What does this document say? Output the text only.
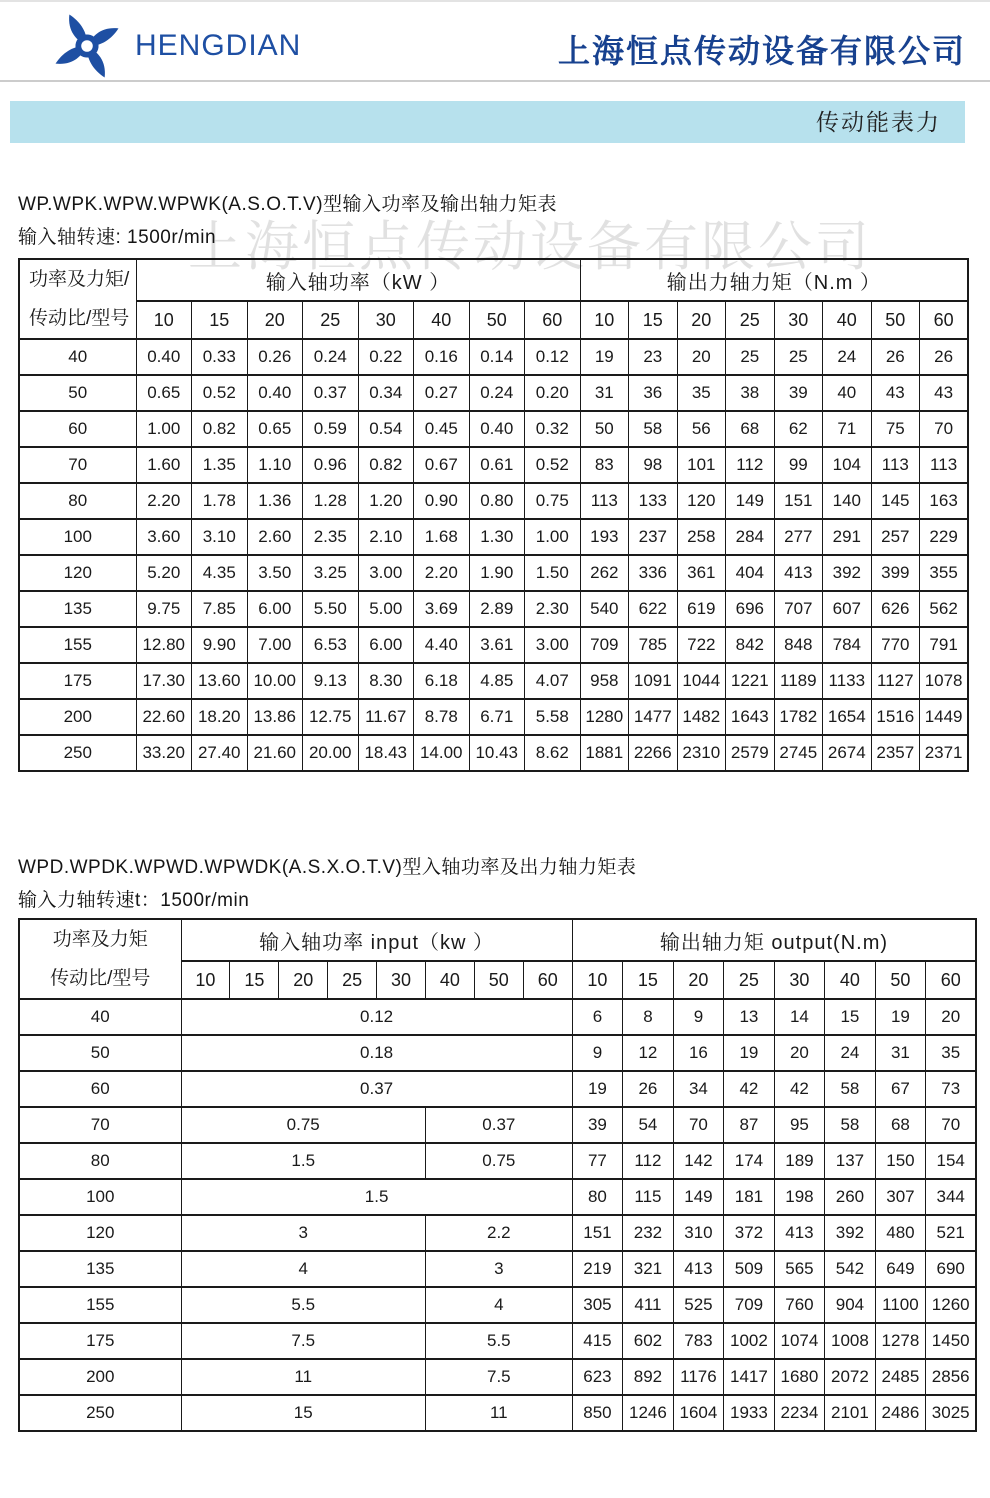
HENGDIAN	上海恒点传动设备有限公司
传动能表力
上海恒点传动设备有限公司
WP.WPK.WPW.WPWK(A.S.O.T.V)型输入功率及输出轴力矩表
输入轴转速: 1500r/min
功率及力矩/
传动比/型号	输入轴功率（kW ）								输出力轴力矩（N.m ）							
	10	15	20	25	30	40	50	60	10	15	20	25	30	40	50	60
40	0.40	0.33	0.26	0.24	0.22	0.16	0.14	0.12	19	23	20	25	25	24	26	26
50	0.65	0.52	0.40	0.37	0.34	0.27	0.24	0.20	31	36	35	38	39	40	43	43
60	1.00	0.82	0.65	0.59	0.54	0.45	0.40	0.32	50	58	56	68	62	71	75	70
70	1.60	1.35	1.10	0.96	0.82	0.67	0.61	0.52	83	98	101	112	99	104	113	113
80	2.20	1.78	1.36	1.28	1.20	0.90	0.80	0.75	113	133	120	149	151	140	145	163
100	3.60	3.10	2.60	2.35	2.10	1.68	1.30	1.00	193	237	258	284	277	291	257	229
120	5.20	4.35	3.50	3.25	3.00	2.20	1.90	1.50	262	336	361	404	413	392	399	355
135	9.75	7.85	6.00	5.50	5.00	3.69	2.89	2.30	540	622	619	696	707	607	626	562
155	12.80	9.90	7.00	6.53	6.00	4.40	3.61	3.00	709	785	722	842	848	784	770	791
175	17.30	13.60	10.00	9.13	8.30	6.18	4.85	4.07	958	1091	1044	1221	1189	1133	1127	1078
200	22.60	18.20	13.86	12.75	11.67	8.78	6.71	5.58	1280	1477	1482	1643	1782	1654	1516	1449
250	33.20	27.40	21.60	20.00	18.43	14.00	10.43	8.62	1881	2266	2310	2579	2745	2674	2357	2371
WPD.WPDK.WPWD.WPWDK(A.S.X.O.T.V)型入轴功率及出力轴力矩表
输入力轴转速t：1500r/min
功率及力矩
传动比/型号	输入轴功率 input（kw ）								输出轴力矩 output(N.m)							
	10	15	20	25	30	40	50	60	10	15	20	25	30	40	50	60
40	0.12								6	8	9	13	14	15	19	20
50	0.18								9	12	16	19	20	24	31	35
60	0.37								19	26	34	42	42	58	67	73
70	0.75					0.37			39	54	70	87	95	58	68	70
80	1.5					0.75			77	112	142	174	189	137	150	154
100	1.5								80	115	149	181	198	260	307	344
120	3					2.2			151	232	310	372	413	392	480	521
135	4					3			219	321	413	509	565	542	649	690
155	5.5					4			305	411	525	709	760	904	1100	1260
175	7.5					5.5			415	602	783	1002	1074	1008	1278	1450
200	11					7.5			623	892	1176	1417	1680	2072	2485	2856
250	15					11			850	1246	1604	1933	2234	2101	2486	3025
